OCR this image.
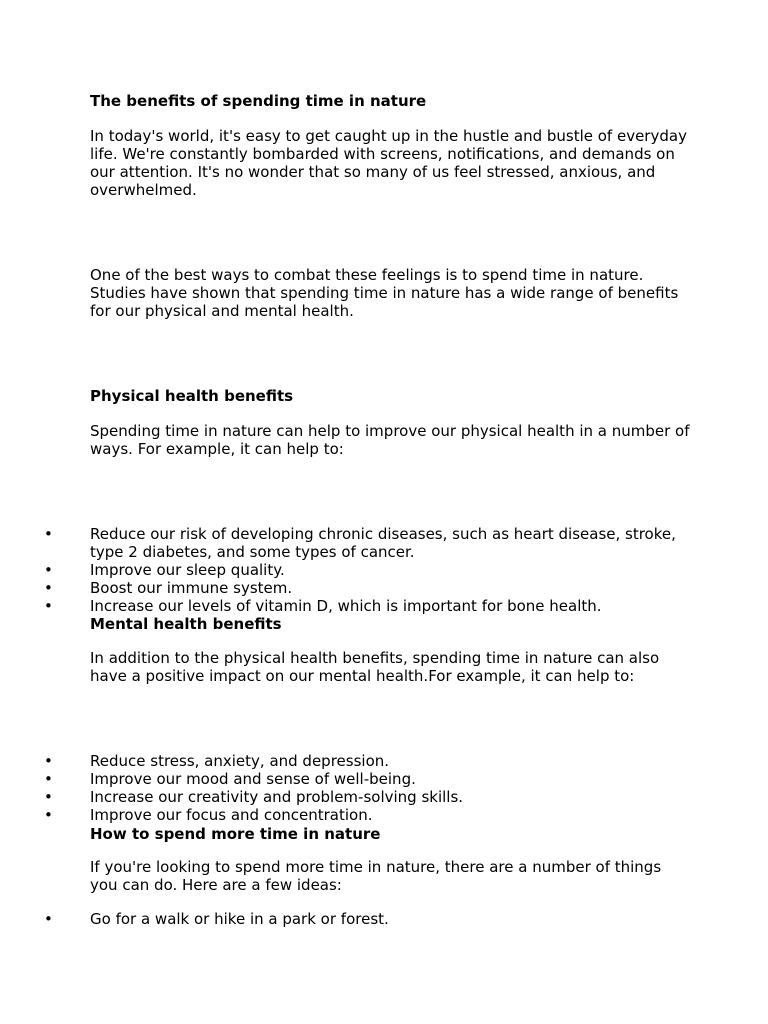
The benefits of spending time in nature

In today's world, it's easy to get caught up in the hustle and bustle of everyday life. We're constantly bombarded with screens, notifications, and demands on our attention. It's no wonder that so many of us feel stressed, anxious, and overwhelmed.

One of the best ways to combat these feelings is to spend time in nature. Studies have shown that spending time in nature has a wide range of benefits for our physical and mental health.

Physical health benefits

Spending time in nature can help to improve our physical health in a number of ways. For example, it can help to:

• Reduce our risk of developing chronic diseases, such as heart disease, stroke, type 2 diabetes, and some types of cancer.
• Improve our sleep quality.
• Boost our immune system.
• Increase our levels of vitamin D, which is important for bone health.

Mental health benefits

In addition to the physical health benefits, spending time in nature can also have a positive impact on our mental health.For example, it can help to:

• Reduce stress, anxiety, and depression.
• Improve our mood and sense of well-being.
• Increase our creativity and problem-solving skills.
• Improve our focus and concentration.

How to spend more time in nature

If you're looking to spend more time in nature, there are a number of things you can do. Here are a few ideas:

• Go for a walk or hike in a park or forest.
